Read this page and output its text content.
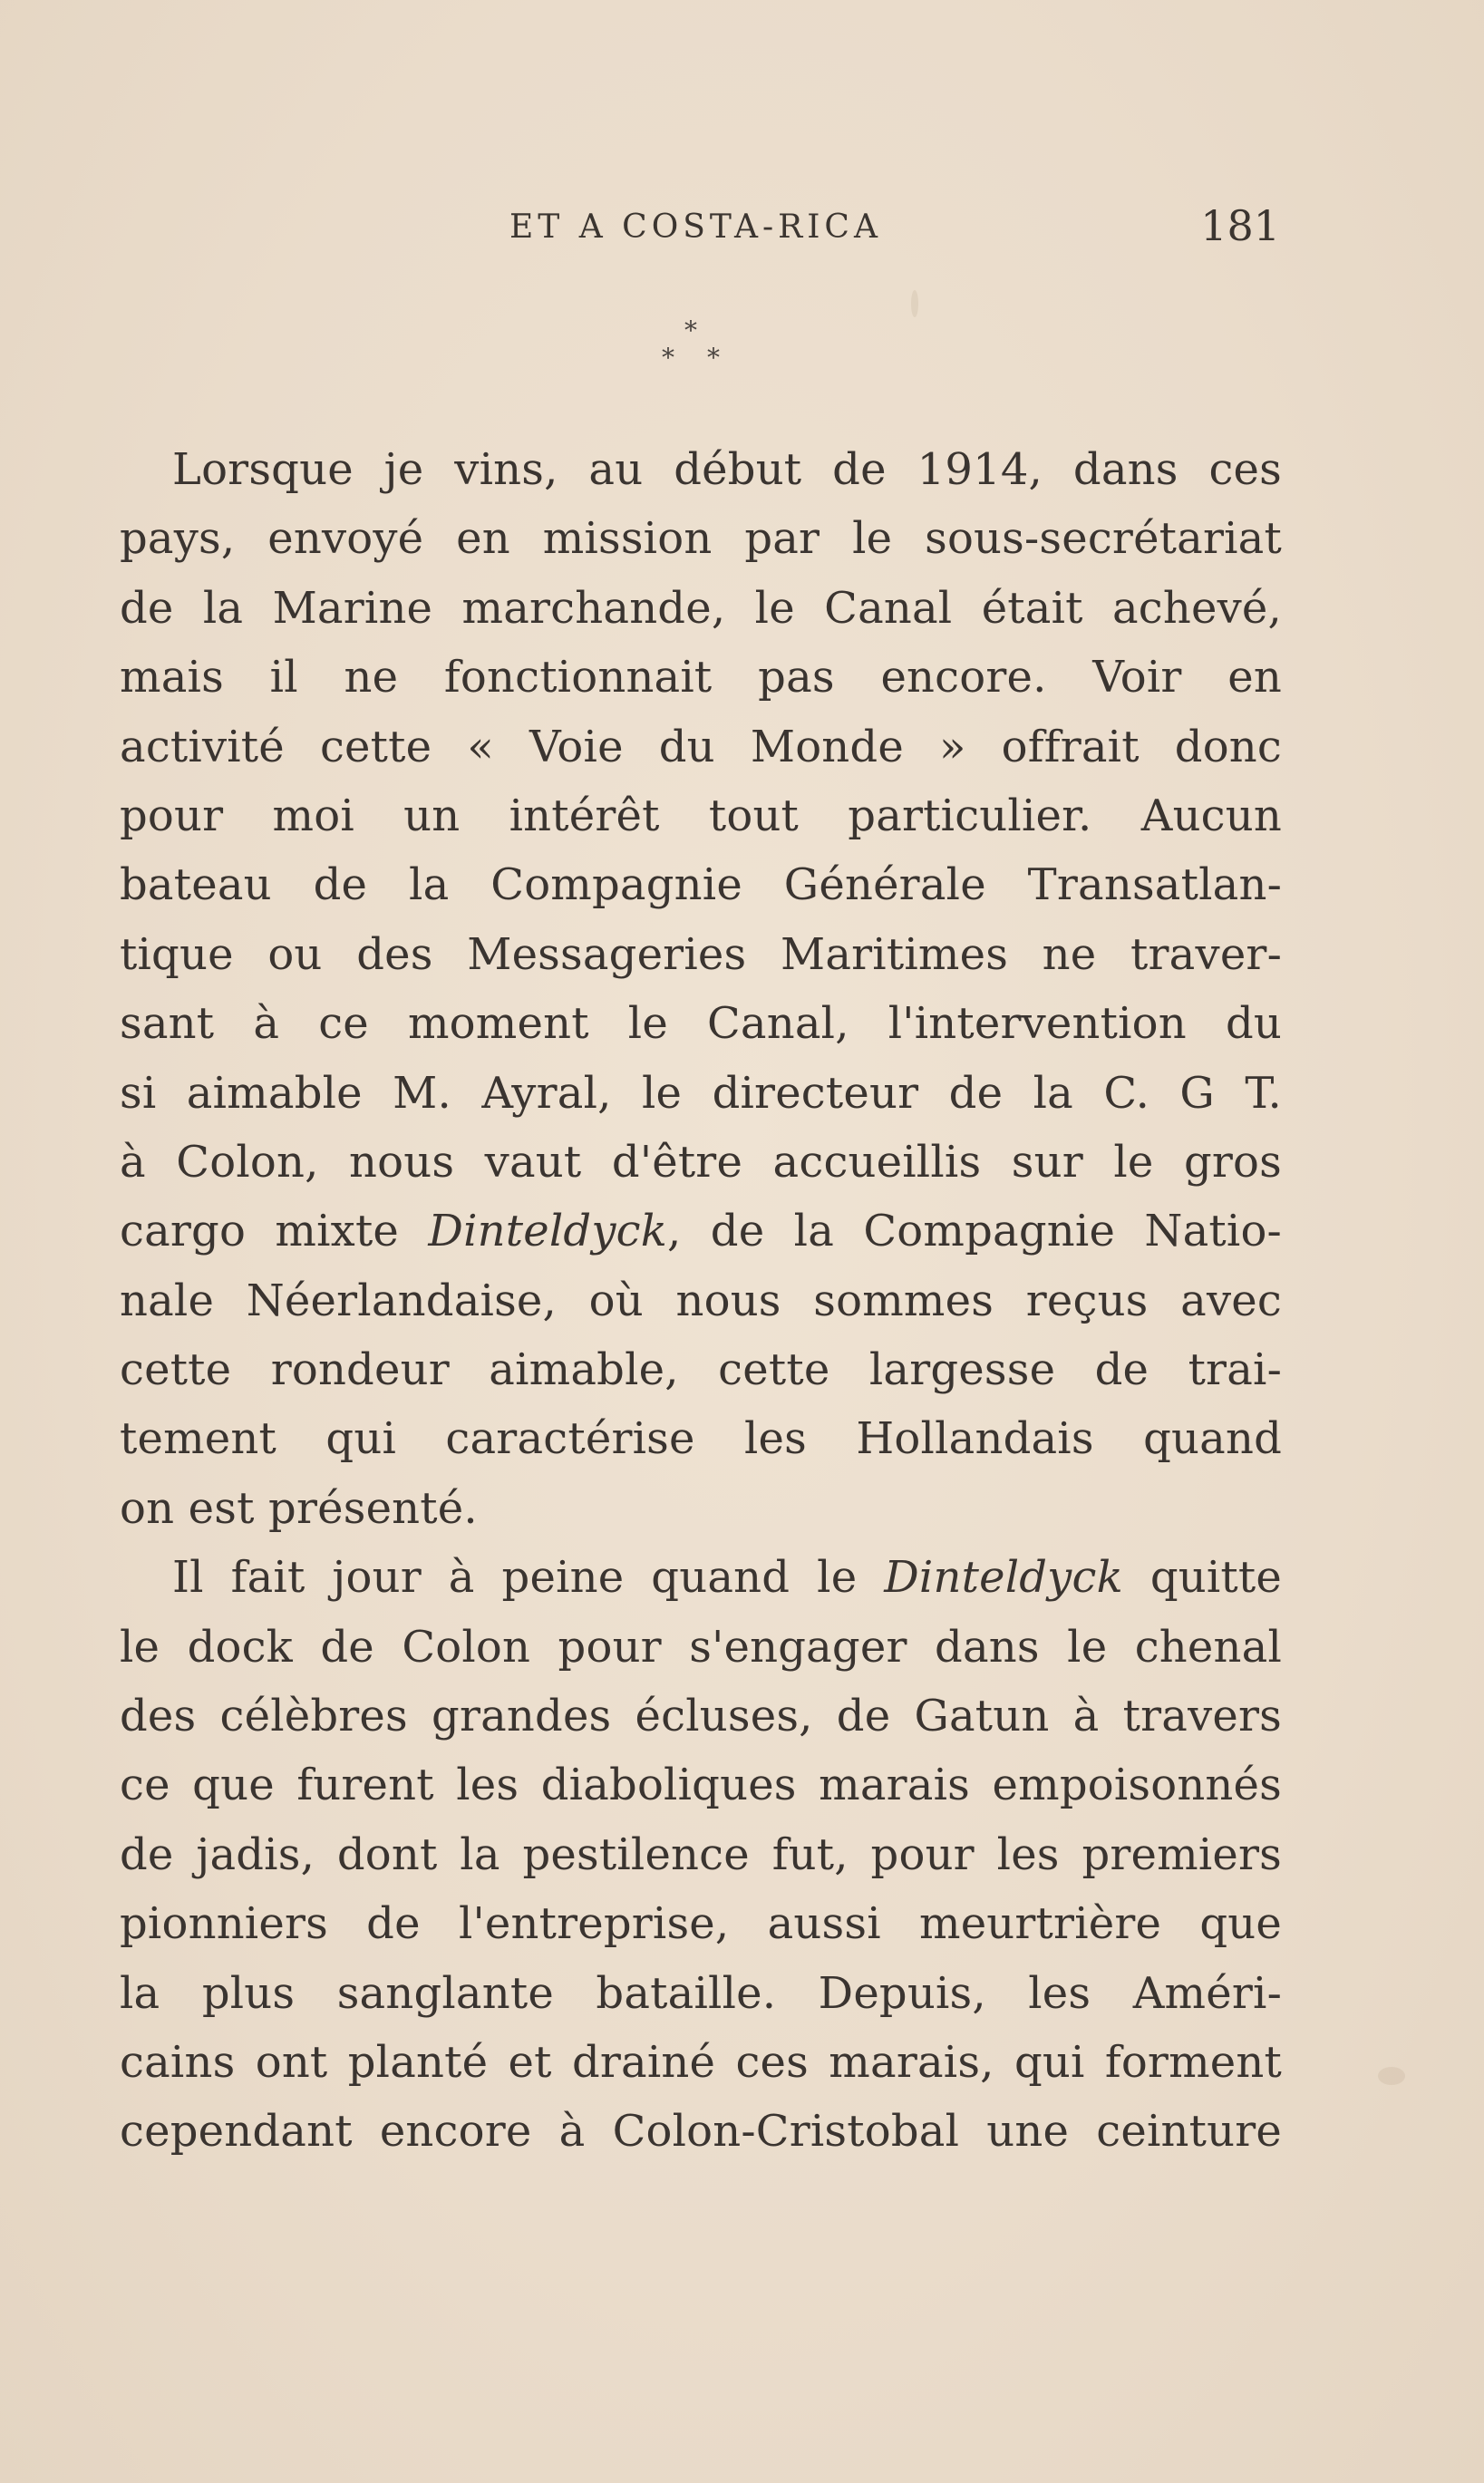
ET A COSTA-RICA	181
*
* *
Lorsque je vins, au début de 1914, dans ces
pays, envoyé en mission par le sous-secrétariat
de la Marine marchande, le Canal était achevé,
mais il ne fonctionnait pas encore. Voir en
activité cette « Voie du Monde » offrait donc
pour moi un intérêt tout particulier. Aucun
bateau de la Compagnie Générale Transatlan-
tique ou des Messageries Maritimes ne traver-
sant à ce moment le Canal, l'intervention du
si aimable M. Ayral, le directeur de la C. G T.
à Colon, nous vaut d'être accueillis sur le gros
cargo mixte Dinteldyck, de la Compagnie Natio-
nale Néerlandaise, où nous sommes reçus avec
cette rondeur aimable, cette largesse de trai-
tement qui caractérise les Hollandais quand
on est présenté.
Il fait jour à peine quand le Dinteldyck quitte
le dock de Colon pour s'engager dans le chenal
des célèbres grandes écluses, de Gatun à travers
ce que furent les diaboliques marais empoisonnés
de jadis, dont la pestilence fut, pour les premiers
pionniers de l'entreprise, aussi meurtrière que
la plus sanglante bataille. Depuis, les Améri-
cains ont planté et drainé ces marais, qui forment
cependant encore à Colon-Cristobal une ceinture
